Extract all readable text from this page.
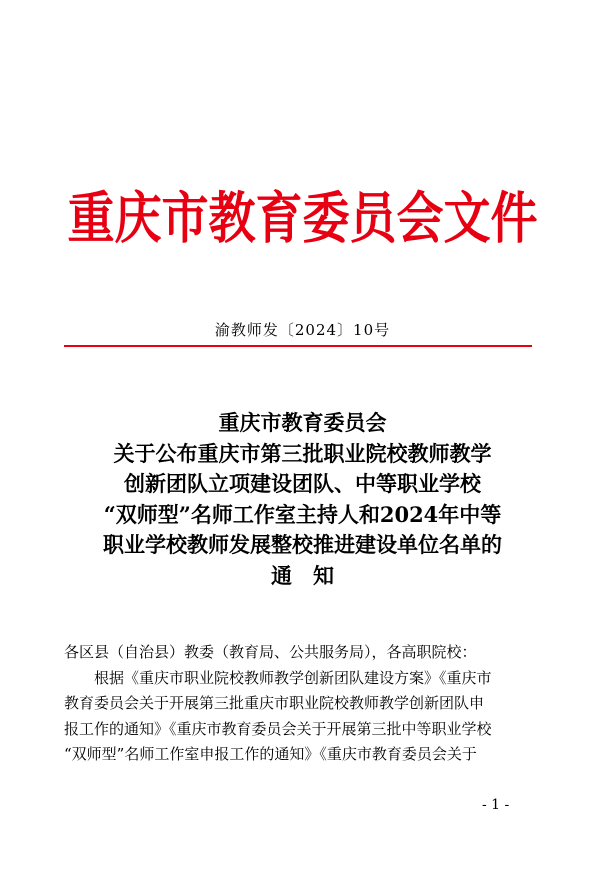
重庆市教育委员会文件
渝教师发〔2024〕10号
重庆市教育委员会
关于公布重庆市第三批职业院校教师教学
创新团队立项建设团队、中等职业学校
“双师型”名师工作室主持人和2024年中等
职业学校教师发展整校推进建设单位名单的
通　知
各区县（自治县）教委（教育局、公共服务局），各高职院校：
根据《重庆市职业院校教师教学创新团队建设方案》《重庆市
教育委员会关于开展第三批重庆市职业院校教师教学创新团队申
报工作的通知》《重庆市教育委员会关于开展第三批中等职业学校
“双师型”名师工作室申报工作的通知》《重庆市教育委员会关于
- 1 -
